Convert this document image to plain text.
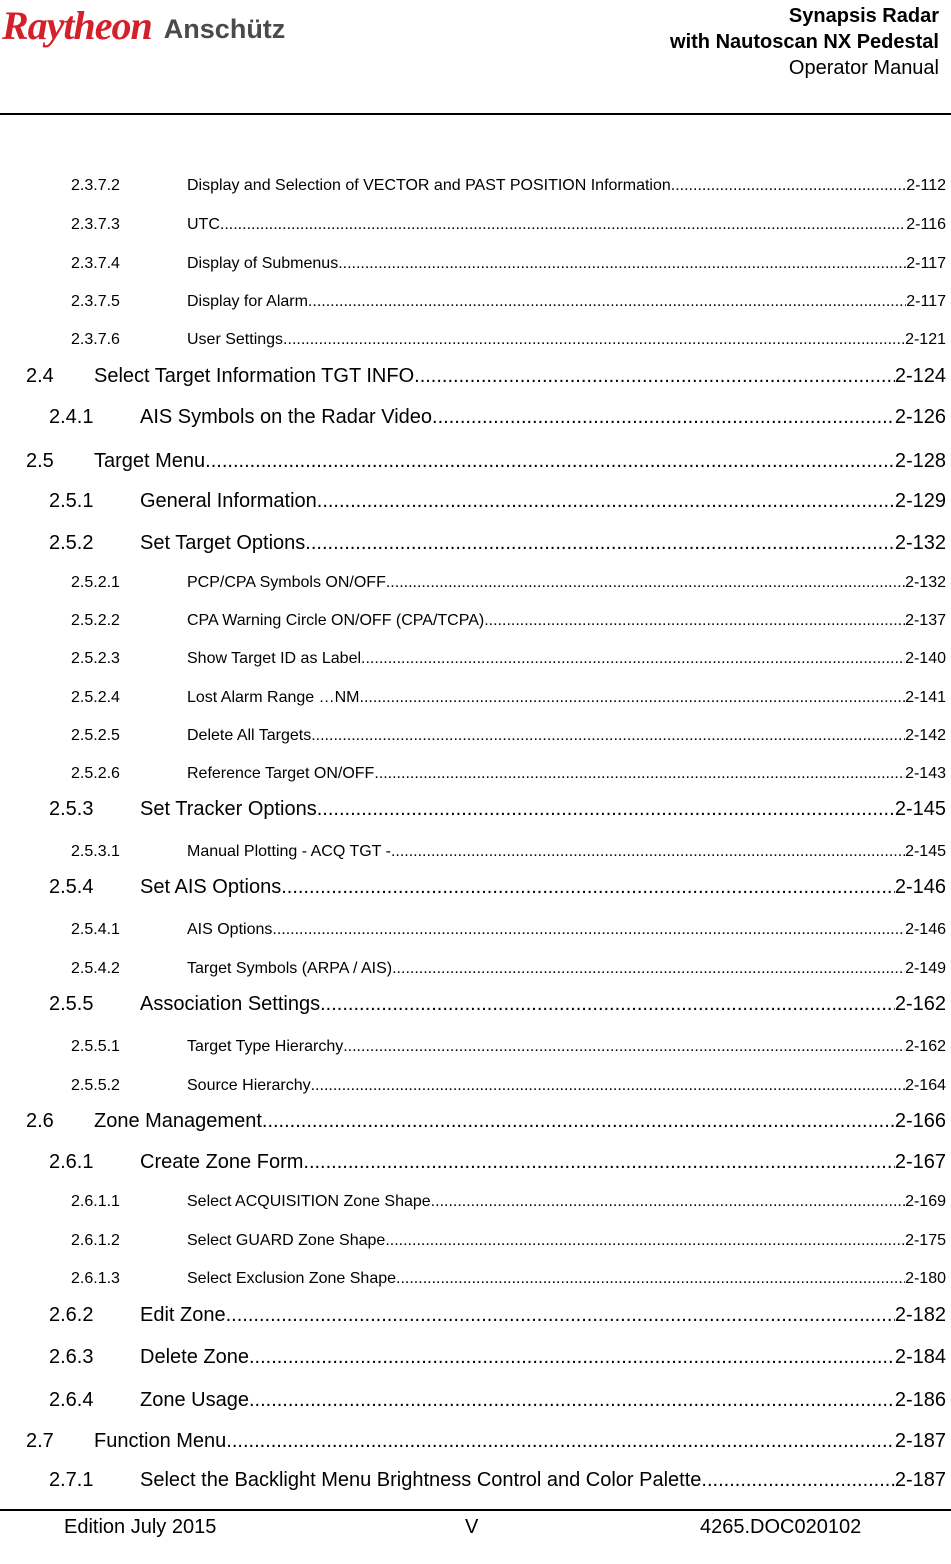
Raytheon Anschütz	Synapsis Radar
with Nautoscan NX Pedestal
Operator Manual
2.3.7.2	Display and Selection of VECTOR and PAST POSITION Information .....	2-112
2.3.7.3	UTC .....	2-116
2.3.7.4	Display of Submenus .....	2-117
2.3.7.5	Display for Alarm .....	2-117
2.3.7.6	User Settings .....	2-121
2.4	Select Target Information TGT INFO .....	2-124
2.4.1	AIS Symbols on the Radar Video .....	2-126
2.5	Target Menu .....	2-128
2.5.1	General Information .....	2-129
2.5.2	Set Target Options .....	2-132
2.5.2.1	PCP/CPA Symbols ON/OFF .....	2-132
2.5.2.2	CPA Warning Circle ON/OFF (CPA/TCPA) .....	2-137
2.5.2.3	Show Target ID as Label .....	2-140
2.5.2.4	Lost Alarm Range …NM .....	2-141
2.5.2.5	Delete All Targets .....	2-142
2.5.2.6	Reference Target ON/OFF .....	2-143
2.5.3	Set Tracker Options .....	2-145
2.5.3.1	Manual Plotting - ACQ TGT - .....	2-145
2.5.4	Set AIS Options .....	2-146
2.5.4.1	AIS Options .....	2-146
2.5.4.2	Target Symbols (ARPA / AIS) .....	2-149
2.5.5	Association Settings .....	2-162
2.5.5.1	Target Type Hierarchy .....	2-162
2.5.5.2	Source Hierarchy .....	2-164
2.6	Zone Management .....	2-166
2.6.1	Create Zone Form .....	2-167
2.6.1.1	Select ACQUISITION Zone Shape .....	2-169
2.6.1.2	Select GUARD Zone Shape .....	2-175
2.6.1.3	Select Exclusion Zone Shape .....	2-180
2.6.2	Edit Zone .....	2-182
2.6.3	Delete Zone .....	2-184
2.6.4	Zone Usage .....	2-186
2.7	Function Menu .....	2-187
2.7.1	Select the Backlight Menu Brightness Control and Color Palette .....	2-187
Edition July 2015	V	4265.DOC020102
